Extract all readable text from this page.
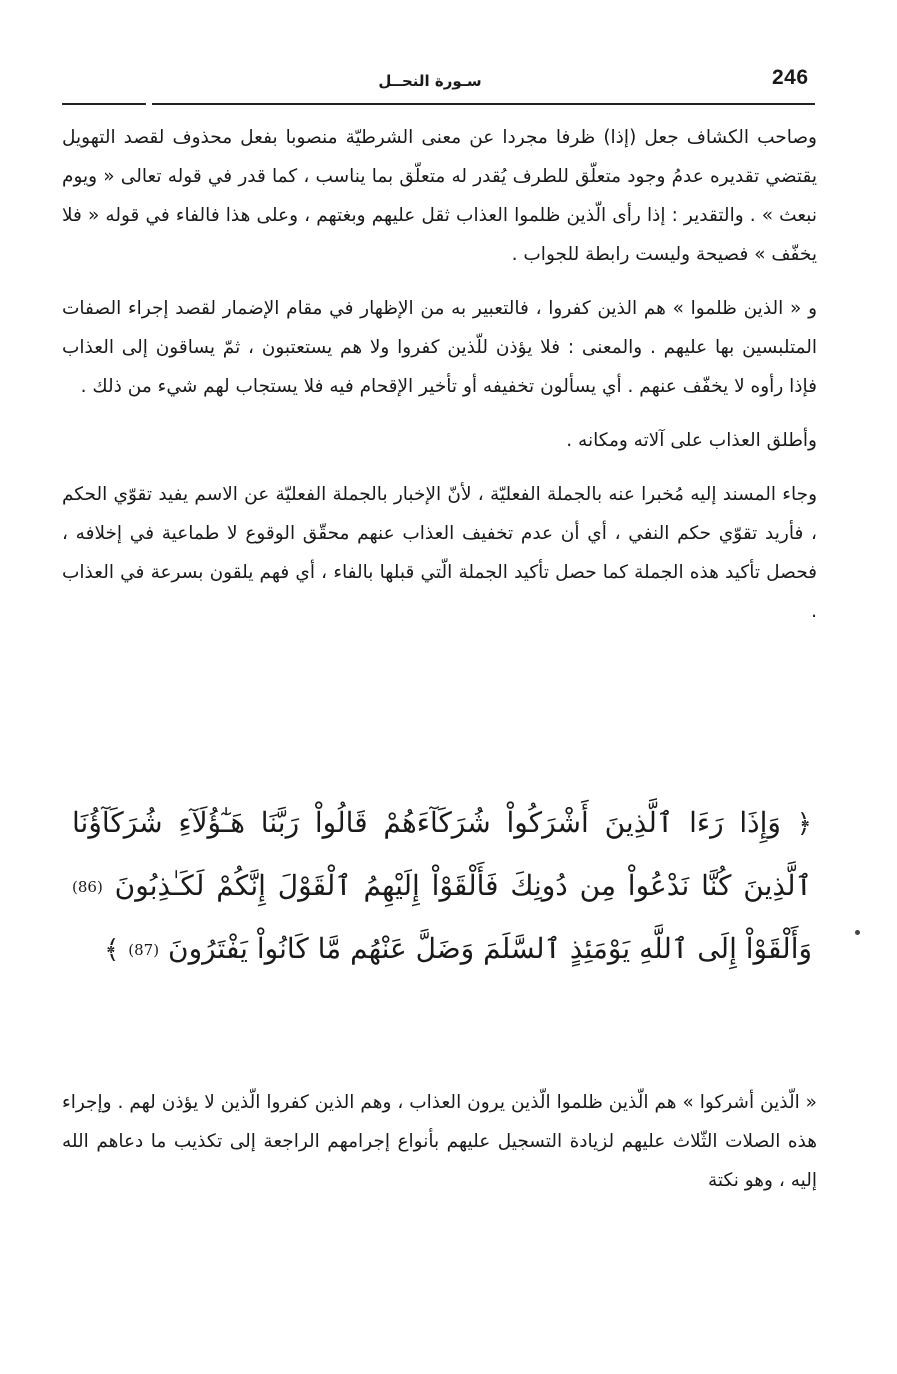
246
سـورة النحــل

وصاحب الكشاف جعل (إذا) ظرفا مجردا عن معنى الشرطيّة منصوبا بفعل محذوف لقصد التهويل يقتضي تقديره عدمُ وجود متعلّق للطرف يُقدر له متعلّق بما يناسب ، كما قدر في قوله تعالى « ويوم نبعث » . والتقدير : إذا رأى الّذين ظلموا العذاب ثقل عليهم وبغتهم ، وعلى هذا فالفاء في قوله « فلا يخفّف » فصيحة وليست رابطة للجواب .

و « الذين ظلموا » هم الذين كفروا ، فالتعبير به من الإظهار في مقام الإضمار لقصد إجراء الصفات المتلبسين بها عليهم . والمعنى : فلا يؤذن للّذين كفروا ولا هم يستعتبون ، ثمّ يساقون إلى العذاب فإذا رأوه لا يخفّف عنهم . أي يسألون تخفيفه أو تأخير الإقحام فيه فلا يستجاب لهم شيء من ذلك .

وأطلق العذاب على آلاته ومكانه .

وجاء المسند إليه مُخبرا عنه بالجملة الفعليّة ، لأنّ الإخبار بالجملة الفعليّة عن الاسم يفيد تقوّي الحكم ، فأريد تقوّي حكم النفي ، أي أن عدم تخفيف العذاب عنهم محقّق الوقوع لا طماعية في إخلافه ، فحصل تأكيد هذه الجملة كما حصل تأكيد الجملة الّتي قبلها بالفاء ، أي فهم يلقون بسرعة في العذاب .

﴿ وَإِذَا رَءَا ٱلَّذِينَ أَشْرَكُواْ شُرَكَآءَهُمْ قَالُواْ رَبَّنَا هَـٰٓؤُلَآءِ شُرَكَآؤُنَا ٱلَّذِينَ كُنَّا نَدْعُواْ مِن دُونِكَ فَأَلْقَوْاْ إِلَيْهِمُ ٱلْقَوْلَ إِنَّكُمْ لَكَـٰذِبُونَ (86) وَأَلْقَوْاْ إِلَى ٱللَّهِ يَوْمَئِذٍ ٱلسَّلَمَ وَضَلَّ عَنْهُم مَّا كَانُواْ يَفْتَرُونَ (87) ﴾

« الّذين أشركوا » هم الّذين ظلموا الّذين يرون العذاب ، وهم الذين كفروا الّذين لا يؤذن لهم . وإجراء هذه الصلات الثّلاث عليهم لزيادة التسجيل عليهم بأنواع إجرامهم الراجعة إلى تكذيب ما دعاهم الله إليه ، وهو نكتة
